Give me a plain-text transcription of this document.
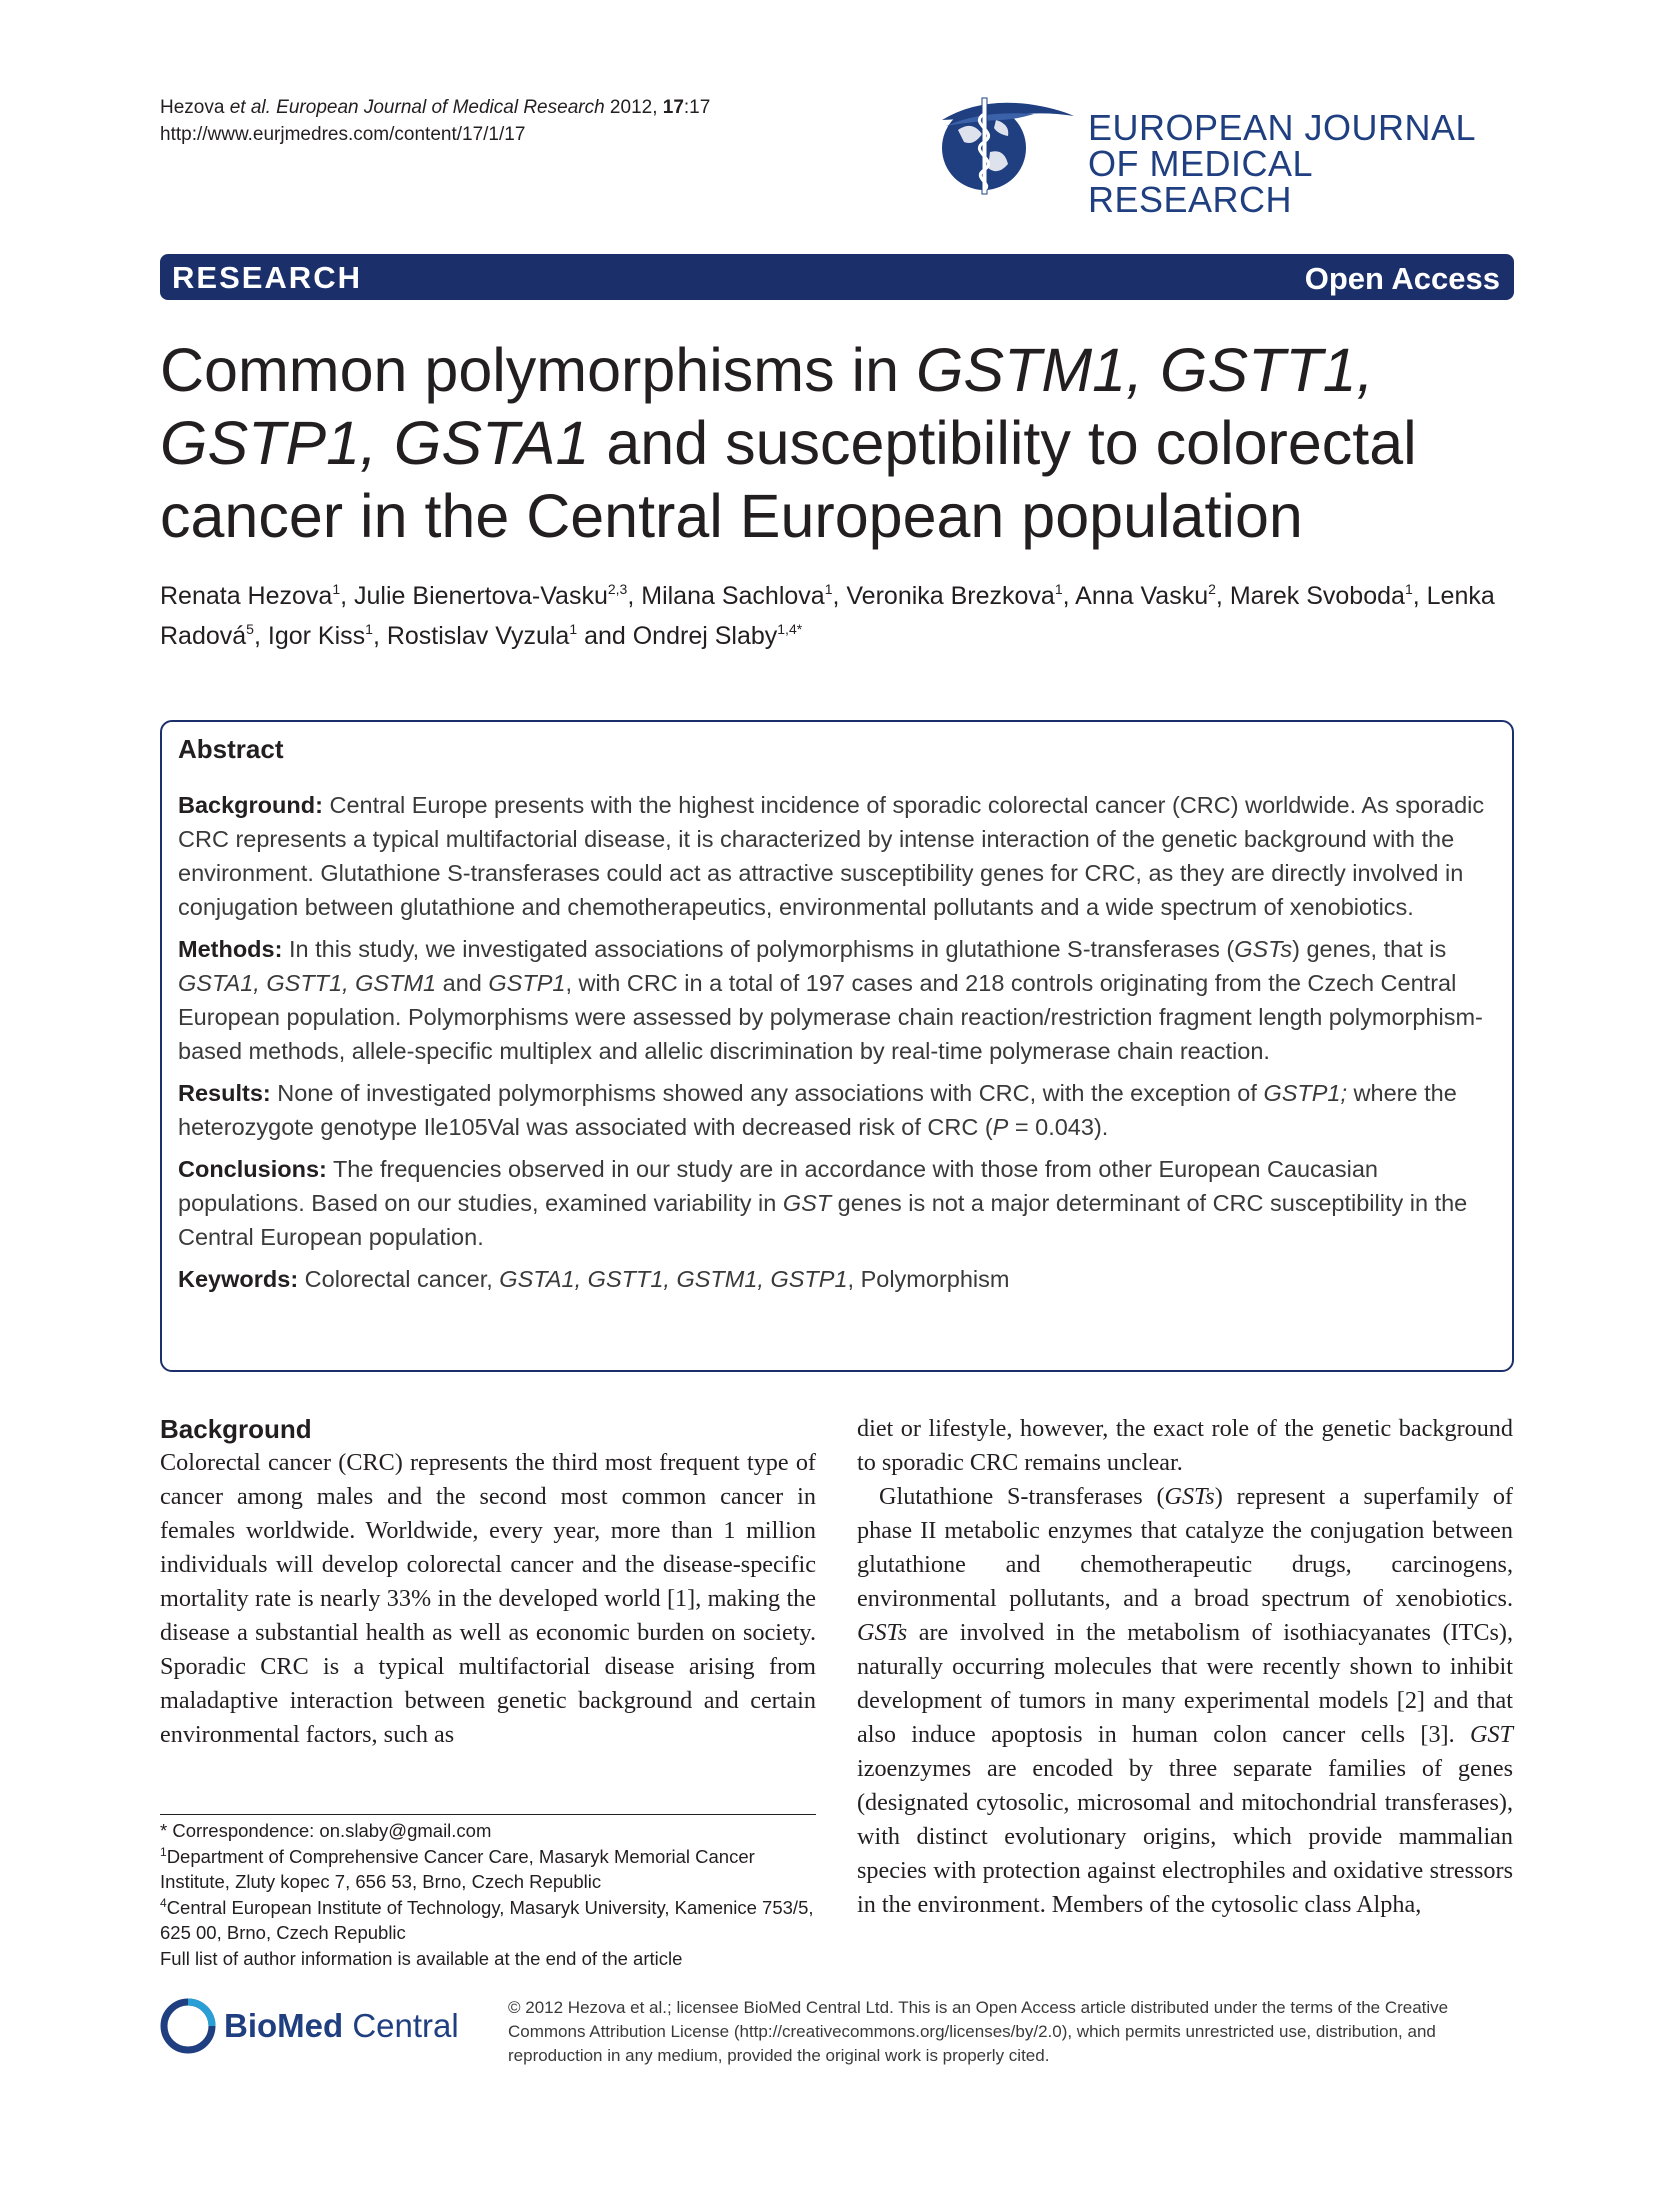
Hezova et al. European Journal of Medical Research 2012, 17:17
http://www.eurjmedres.com/content/17/1/17	EUROPEAN JOURNAL
OF MEDICAL RESEARCH
RESEARCH	Open Access
Common polymorphisms in GSTM1, GSTT1, GSTP1, GSTA1 and susceptibility to colorectal cancer in the Central European population
Renata Hezova$^1$, Julie Bienertova-Vasku$^{2,3}$, Milana Sachlova$^1$, Veronika Brezkova$^1$, Anna Vasku$^2$, Marek Svoboda$^1$, Lenka Radová$^5$, Igor Kiss$^1$, Rostislav Vyzula$^1$ and Ondrej Slaby$^{1,4*}$
Abstract

Background: Central Europe presents with the highest incidence of sporadic colorectal cancer (CRC) worldwide. As sporadic CRC represents a typical multifactorial disease, it is characterized by intense interaction of the genetic background with the environment. Glutathione S-transferases could act as attractive susceptibility genes for CRC, as they are directly involved in conjugation between glutathione and chemotherapeutics, environmental pollutants and a wide spectrum of xenobiotics.

Methods: In this study, we investigated associations of polymorphisms in glutathione S-transferases (GSTs) genes, that is GSTA1, GSTT1, GSTM1 and GSTP1, with CRC in a total of 197 cases and 218 controls originating from the Czech Central European population. Polymorphisms were assessed by polymerase chain reaction/restriction fragment length polymorphism-based methods, allele-specific multiplex and allelic discrimination by real-time polymerase chain reaction.

Results: None of investigated polymorphisms showed any associations with CRC, with the exception of GSTP1; where the heterozygote genotype Ile105Val was associated with decreased risk of CRC (P = 0.043).

Conclusions: The frequencies observed in our study are in accordance with those from other European Caucasian populations. Based on our studies, examined variability in GST genes is not a major determinant of CRC susceptibility in the Central European population.

Keywords: Colorectal cancer, GSTA1, GSTT1, GSTM1, GSTP1, Polymorphism

Background

Colorectal cancer (CRC) represents the third most frequent type of cancer among males and the second most common cancer in females worldwide. Worldwide, every year, more than 1 million individuals will develop colorectal cancer and the disease-specific mortality rate is nearly 33% in the developed world [1], making the disease a substantial health as well as economic burden on society. Sporadic CRC is a typical multifactorial disease arising from maladaptive interaction between genetic background and certain environmental factors, such as

diet or lifestyle, however, the exact role of the genetic background to sporadic CRC remains unclear.

Glutathione S-transferases (GSTs) represent a superfamily of phase II metabolic enzymes that catalyze the conjugation between glutathione and chemotherapeutic drugs, carcinogens, environmental pollutants, and a broad spectrum of xenobiotics. GSTs are involved in the metabolism of isothiacyanates (ITCs), naturally occurring molecules that were recently shown to inhibit development of tumors in many experimental models [2] and that also induce apoptosis in human colon cancer cells [3]. GST izoenzymes are encoded by three separate families of genes (designated cytosolic, microsomal and mitochondrial transferases), with distinct evolutionary origins, which provide mammalian species with protection against electrophiles and oxidative stressors in the environment. Members of the cytosolic class Alpha,

* Correspondence: on.slaby@gmail.com
$^1$Department of Comprehensive Cancer Care, Masaryk Memorial Cancer Institute, Zluty kopec 7, 656 53, Brno, Czech Republic
$^4$Central European Institute of Technology, Masaryk University, Kamenice 753/5, 625 00, Brno, Czech Republic
Full list of author information is available at the end of the article
BioMed Central	© 2012 Hezova et al.; licensee BioMed Central Ltd. This is an Open Access article distributed under the terms of the Creative Commons Attribution License (http://creativecommons.org/licenses/by/2.0), which permits unrestricted use, distribution, and reproduction in any medium, provided the original work is properly cited.
